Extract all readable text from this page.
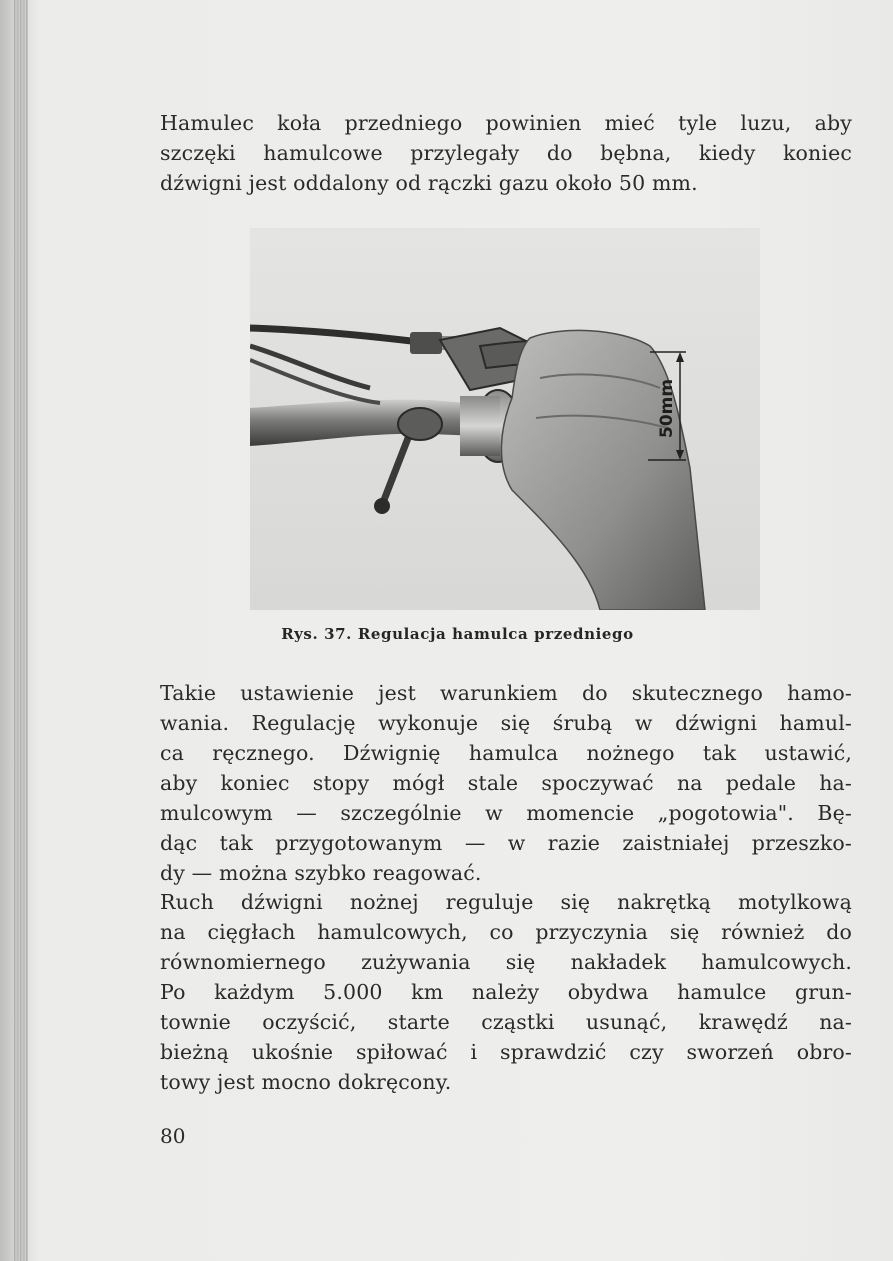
Hamulec koła przedniego powinien mieć tyle luzu, aby
szczęki hamulcowe przylegały do bębna, kiedy koniec
dźwigni jest oddalony od rączki gazu około 50 mm.
50mm
Rys. 37. Regulacja hamulca przedniego
Takie ustawienie jest warunkiem do skutecznego hamo-
wania. Regulację wykonuje się śrubą w dźwigni hamul-
ca ręcznego. Dźwignię hamulca nożnego tak ustawić,
aby koniec stopy mógł stale spoczywać na pedale ha-
mulcowym — szczególnie w momencie „pogotowia". Bę-
dąc tak przygotowanym — w razie zaistniałej przeszko-
dy — można szybko reagować.
Ruch dźwigni nożnej reguluje się nakrętką motylkową
na cięgłach hamulcowych, co przyczynia się również do
równomiernego zużywania się nakładek hamulcowych.
Po każdym 5.000 km należy obydwa hamulce grun-
townie oczyścić, starte cząstki usunąć, krawędź na-
bieżną ukośnie spiłować i sprawdzić czy sworzeń obro-
towy jest mocno dokręcony.
80
